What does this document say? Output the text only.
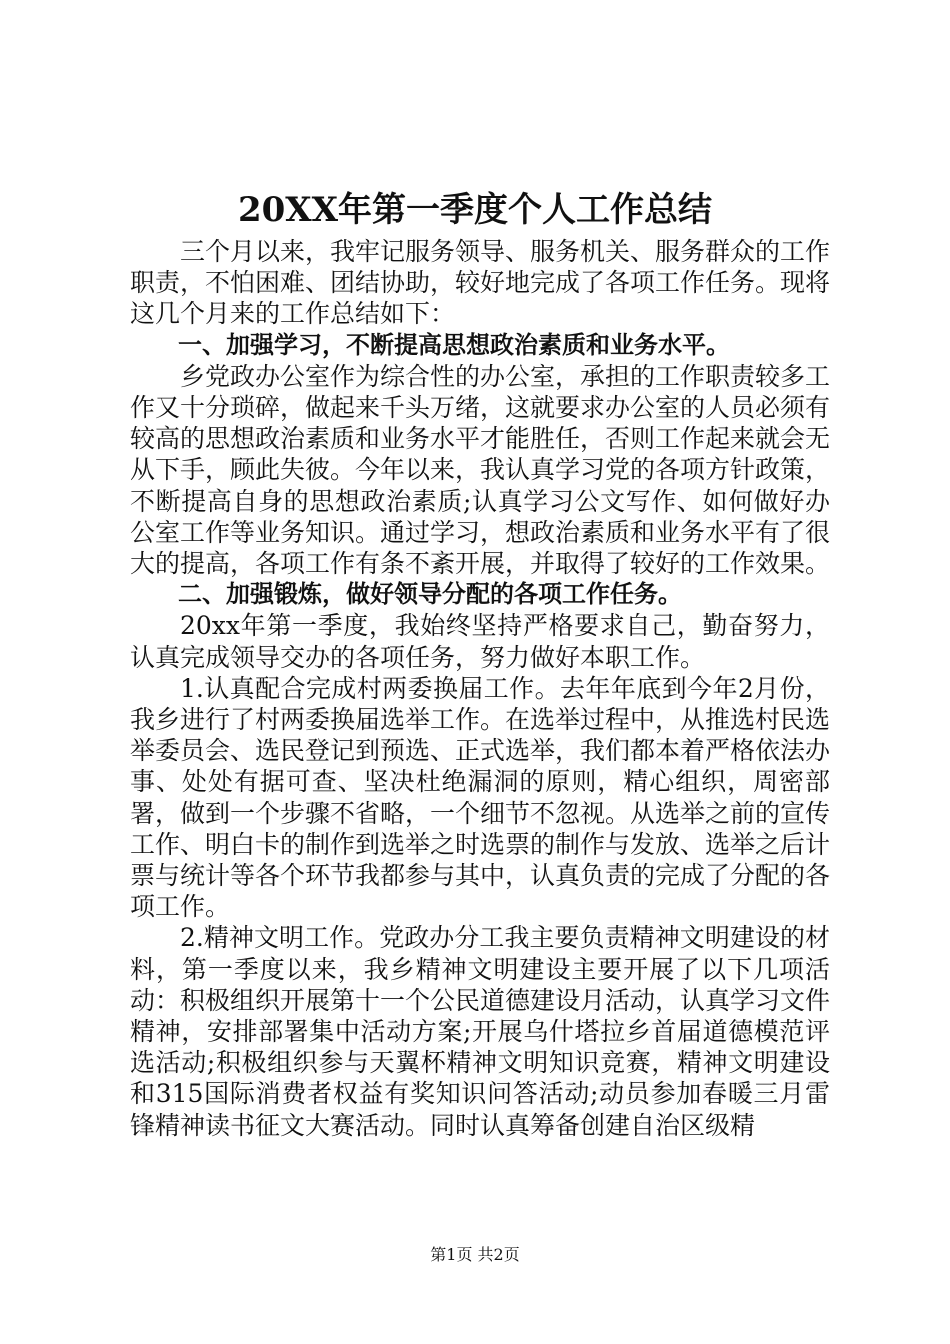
20XX年第一季度个人工作总结

三个月以来，我牢记服务领导、服务机关、服务群众的工作职责，不怕困难、团结协助，较好地完成了各项工作任务。现将这几个月来的工作总结如下：

一、加强学习，不断提高思想政治素质和业务水平。

乡党政办公室作为综合性的办公室，承担的工作职责较多工作又十分琐碎，做起来千头万绪，这就要求办公室的人员必须有较高的思想政治素质和业务水平才能胜任，否则工作起来就会无从下手，顾此失彼。今年以来，我认真学习党的各项方针政策，不断提高自身的思想政治素质;认真学习公文写作、如何做好办公室工作等业务知识。通过学习，想政治素质和业务水平有了很大的提高，各项工作有条不紊开展，并取得了较好的工作效果。

二、加强锻炼，做好领导分配的各项工作任务。

20xx年第一季度，我始终坚持严格要求自己，勤奋努力，认真完成领导交办的各项任务，努力做好本职工作。

1.认真配合完成村两委换届工作。去年年底到今年2月份，我乡进行了村两委换届选举工作。在选举过程中，从推选村民选举委员会、选民登记到预选、正式选举，我们都本着严格依法办事、处处有据可查、坚决杜绝漏洞的原则，精心组织，周密部署，做到一个步骤不省略，一个细节不忽视。从选举之前的宣传工作、明白卡的制作到选举之时选票的制作与发放、选举之后计票与统计等各个环节我都参与其中，认真负责的完成了分配的各项工作。

2.精神文明工作。党政办分工我主要负责精神文明建设的材料，第一季度以来，我乡精神文明建设主要开展了以下几项活动：积极组织开展第十一个公民道德建设月活动，认真学习文件精神，安排部署集中活动方案;开展乌什塔拉乡首届道德模范评选活动;积极组织参与天翼杯精神文明知识竞赛，精神文明建设和315国际消费者权益有奖知识问答活动;动员参加春暖三月雷锋精神读书征文大赛活动。同时认真筹备创建自治区级精

第1页 共2页
